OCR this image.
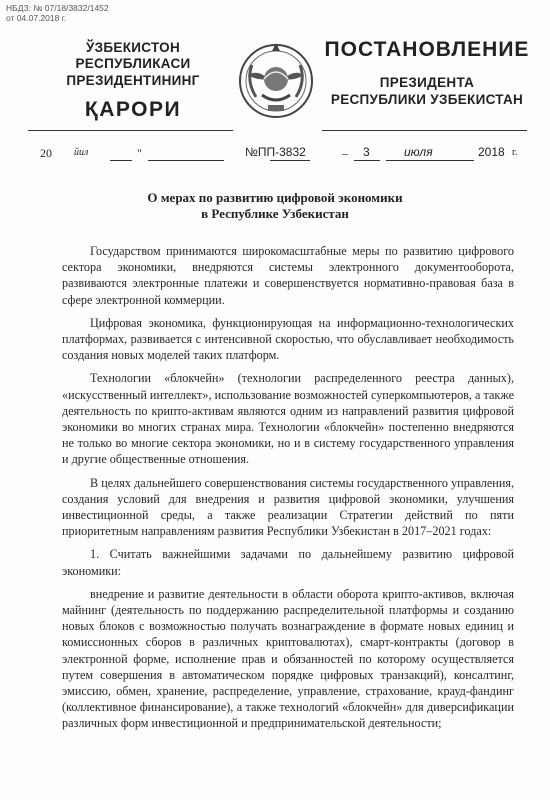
НБДЗ: № 07/18/3832/1452
от 04.07.2018 г.
ЎЗБЕКИСТОН РЕСПУБЛИКАСИ
ПРЕЗИДЕНТИНИНГ
ҚАРОРИ
ПОСТАНОВЛЕНИЕ
ПРЕЗИДЕНТА
РЕСПУБЛИКИ УЗБЕКИСТАН
20 йил	"	№ПП-3832	– 3	июля	2018 г.
О мерах по развитию цифровой экономики
в Республике Узбекистан

Государством принимаются широкомасштабные меры по развитию цифрового сектора экономики, внедряются системы электронного документооборота, развиваются электронные платежи и совершенствуется нормативно-правовая база в сфере электронной коммерции.

Цифровая экономика, функционирующая на информационно-технологических платформах, развивается с интенсивной скоростью, что обуславливает необходимость создания новых моделей таких платформ.

Технологии «блокчейн» (технологии распределенного реестра данных), «искусственный интеллект», использование возможностей суперкомпьютеров, а также деятельность по крипто-активам являются одним из направлений развития цифровой экономики во многих странах мира. Технологии «блокчейн» постепенно внедряются не только во многие сектора экономики, но и в систему государственного управления и другие общественные отношения.

В целях дальнейшего совершенствования системы государственного управления, создания условий для внедрения и развития цифровой экономики, улучшения инвестиционной среды, а также реализации Стратегии действий по пяти приоритетным направлениям развития Республики Узбекистан в 2017–2021 годах:

1. Считать важнейшими задачами по дальнейшему развитию цифровой экономики:

внедрение и развитие деятельности в области оборота крипто-активов, включая майнинг (деятельность по поддержанию распределительной платформы и созданию новых блоков с возможностью получать вознаграждение в формате новых единиц и комиссионных сборов в различных криптовалютах), смарт-контракты (договор в электронной форме, исполнение прав и обязанностей по которому осуществляется путем совершения в автоматическом порядке цифровых транзакций), консалтинг, эмиссию, обмен, хранение, распределение, управление, страхование, крауд-фандинг (коллективное финансирование), а также технологий «блокчейн» для диверсификации различных форм инвестиционной и предпринимательской деятельности;
